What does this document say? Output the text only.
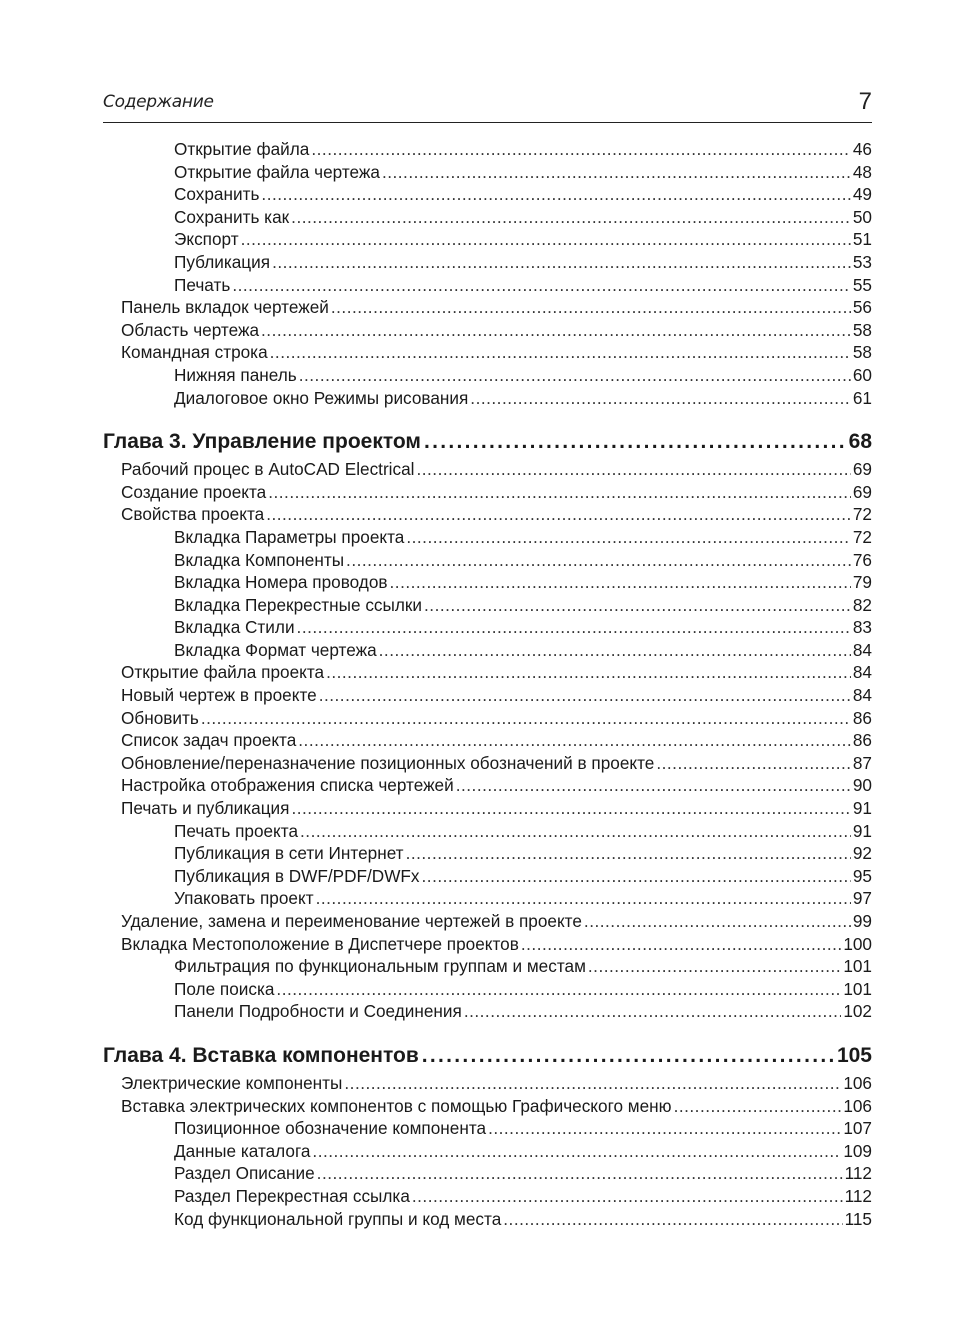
Содержание	7
Открытие файла .....	46
Открытие файла чертежа .....	48
Сохранить .....	49
Сохранить как .....	50
Экспорт .....	51
Публикация .....	53
Печать .....	55
Панель вкладок чертежей .....	56
Область чертежа .....	58
Командная строка .....	58
Нижняя панель .....	60
Диалоговое окно Режимы рисования .....	61
Глава 3. Управление проектом .....	68
Рабочий процес в AutoCAD Electrical .....	69
Создание проекта .....	69
Свойства проекта .....	72
Вкладка Параметры проекта .....	72
Вкладка Компоненты .....	76
Вкладка Номера проводов .....	79
Вкладка Перекрестные ссылки .....	82
Вкладка Стили .....	83
Вкладка Формат чертежа .....	84
Открытие файла проекта .....	84
Новый чертеж в проекте .....	84
Обновить .....	86
Список задач проекта .....	86
Обновление/переназначение позиционных обозначений в проекте .....	87
Настройка отображения списка чертежей .....	90
Печать и публикация .....	91
Печать проекта .....	91
Публикация в сети Интернет .....	92
Публикация в DWF/PDF/DWFx .....	95
Упаковать проект .....	97
Удаление, замена и переименование чертежей в проекте .....	99
Вкладка Местоположение в Диспетчере проектов .....	100
Фильтрация по функциональным группам и местам .....	101
Поле поиска .....	101
Панели Подробности и Соединения .....	102
Глава 4. Вставка компонентов .....	105
Электрические компоненты .....	106
Вставка электрических компонентов с помощью Графического меню .....	106
Позиционное обозначение компонента .....	107
Данные каталога .....	109
Раздел Описание .....	112
Раздел Перекрестная ссылка .....	112
Код функциональной группы и код места .....	115
